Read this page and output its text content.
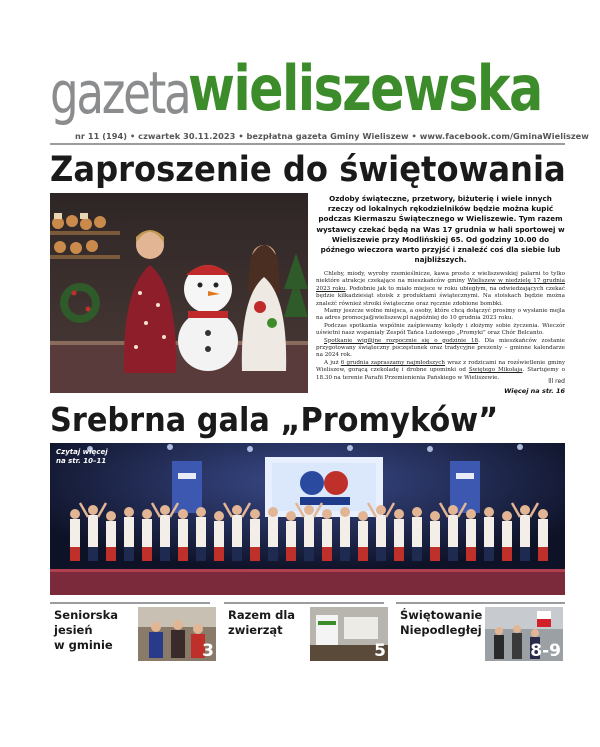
gazeta
wieliszewska
nr 11 (194) • czwartek 30.11.2023 • bezpłatna gazeta Gminy Wieliszew • www.facebook.com/GminaWieliszew
Zaproszenie do świętowania
Ozdoby świąteczne, przetwory, biżuterię i wiele innych rzeczy od lokalnych rękodzielników będzie można kupić podczas Kiermaszu Świątecznego w Wieliszewie. Tym razem wystawcy czekać będą na Was 17 grudnia w hali sportowej w Wieliszewie przy Modlińskiej 65. Od godziny 10.00 do późnego wieczora warto przyjść i znaleźć coś dla siebie lub najbliższych.

Chleby, miody, wyroby rzemieślnicze, kawa prosto z wieliszewskiej palarni to tylko niektóre atrakcje czekające na mieszkańców gminy Wieliszew w niedzielę 17 grudnia 2023 roku. Podobnie jak to miało miejsce w roku ubiegłym, na odwiedzających czekać będzie kilkadziesiąt stoisk z produktami świątecznymi. Na stoiskach będzie można znaleźć również stroiki świąteczne oraz ręcznie zdobione bombki.

Mamy jeszcze wolne miejsca, a osoby, które chcą dołączyć prosimy o wysłanie mejla na adres promocja@wieliszew.pl najpóźniej do 10 grudnia 2023 roku.

Podczas spotkania wspólnie zaśpiewamy kolędy i złożymy sobie życzenia. Wieczór uświetni nasz wspaniały Zespół Tańca Ludowego „Promyki” oraz Chór Belcanto.

Spotkanie wigilijne rozpocznie się o godzinie 18. Dla mieszkańców zostanie przygotowany świąteczny poczęstunek oraz tradycyjne prezenty – gminne kalendarze na 2024 rok.

A już 6 grudnia zapraszamy najmłodszych wraz z rodzicami na rozświetlenie gminy Wieliszew, gorącą czekoladę i drobne upominki od Świętego Mikołaja. Startujemy o 18.30 na terenie Parafii Przemienienia Pańskiego w Wieliszewie.

lll red
Więcej na str. 16
Srebrna gala „Promyków”
Czytaj więcej
na str. 10–11
Seniorska
jesień
w gminie	3
Razem dla
zwierząt
5
Świętowanie
Niepodległej
8-9
